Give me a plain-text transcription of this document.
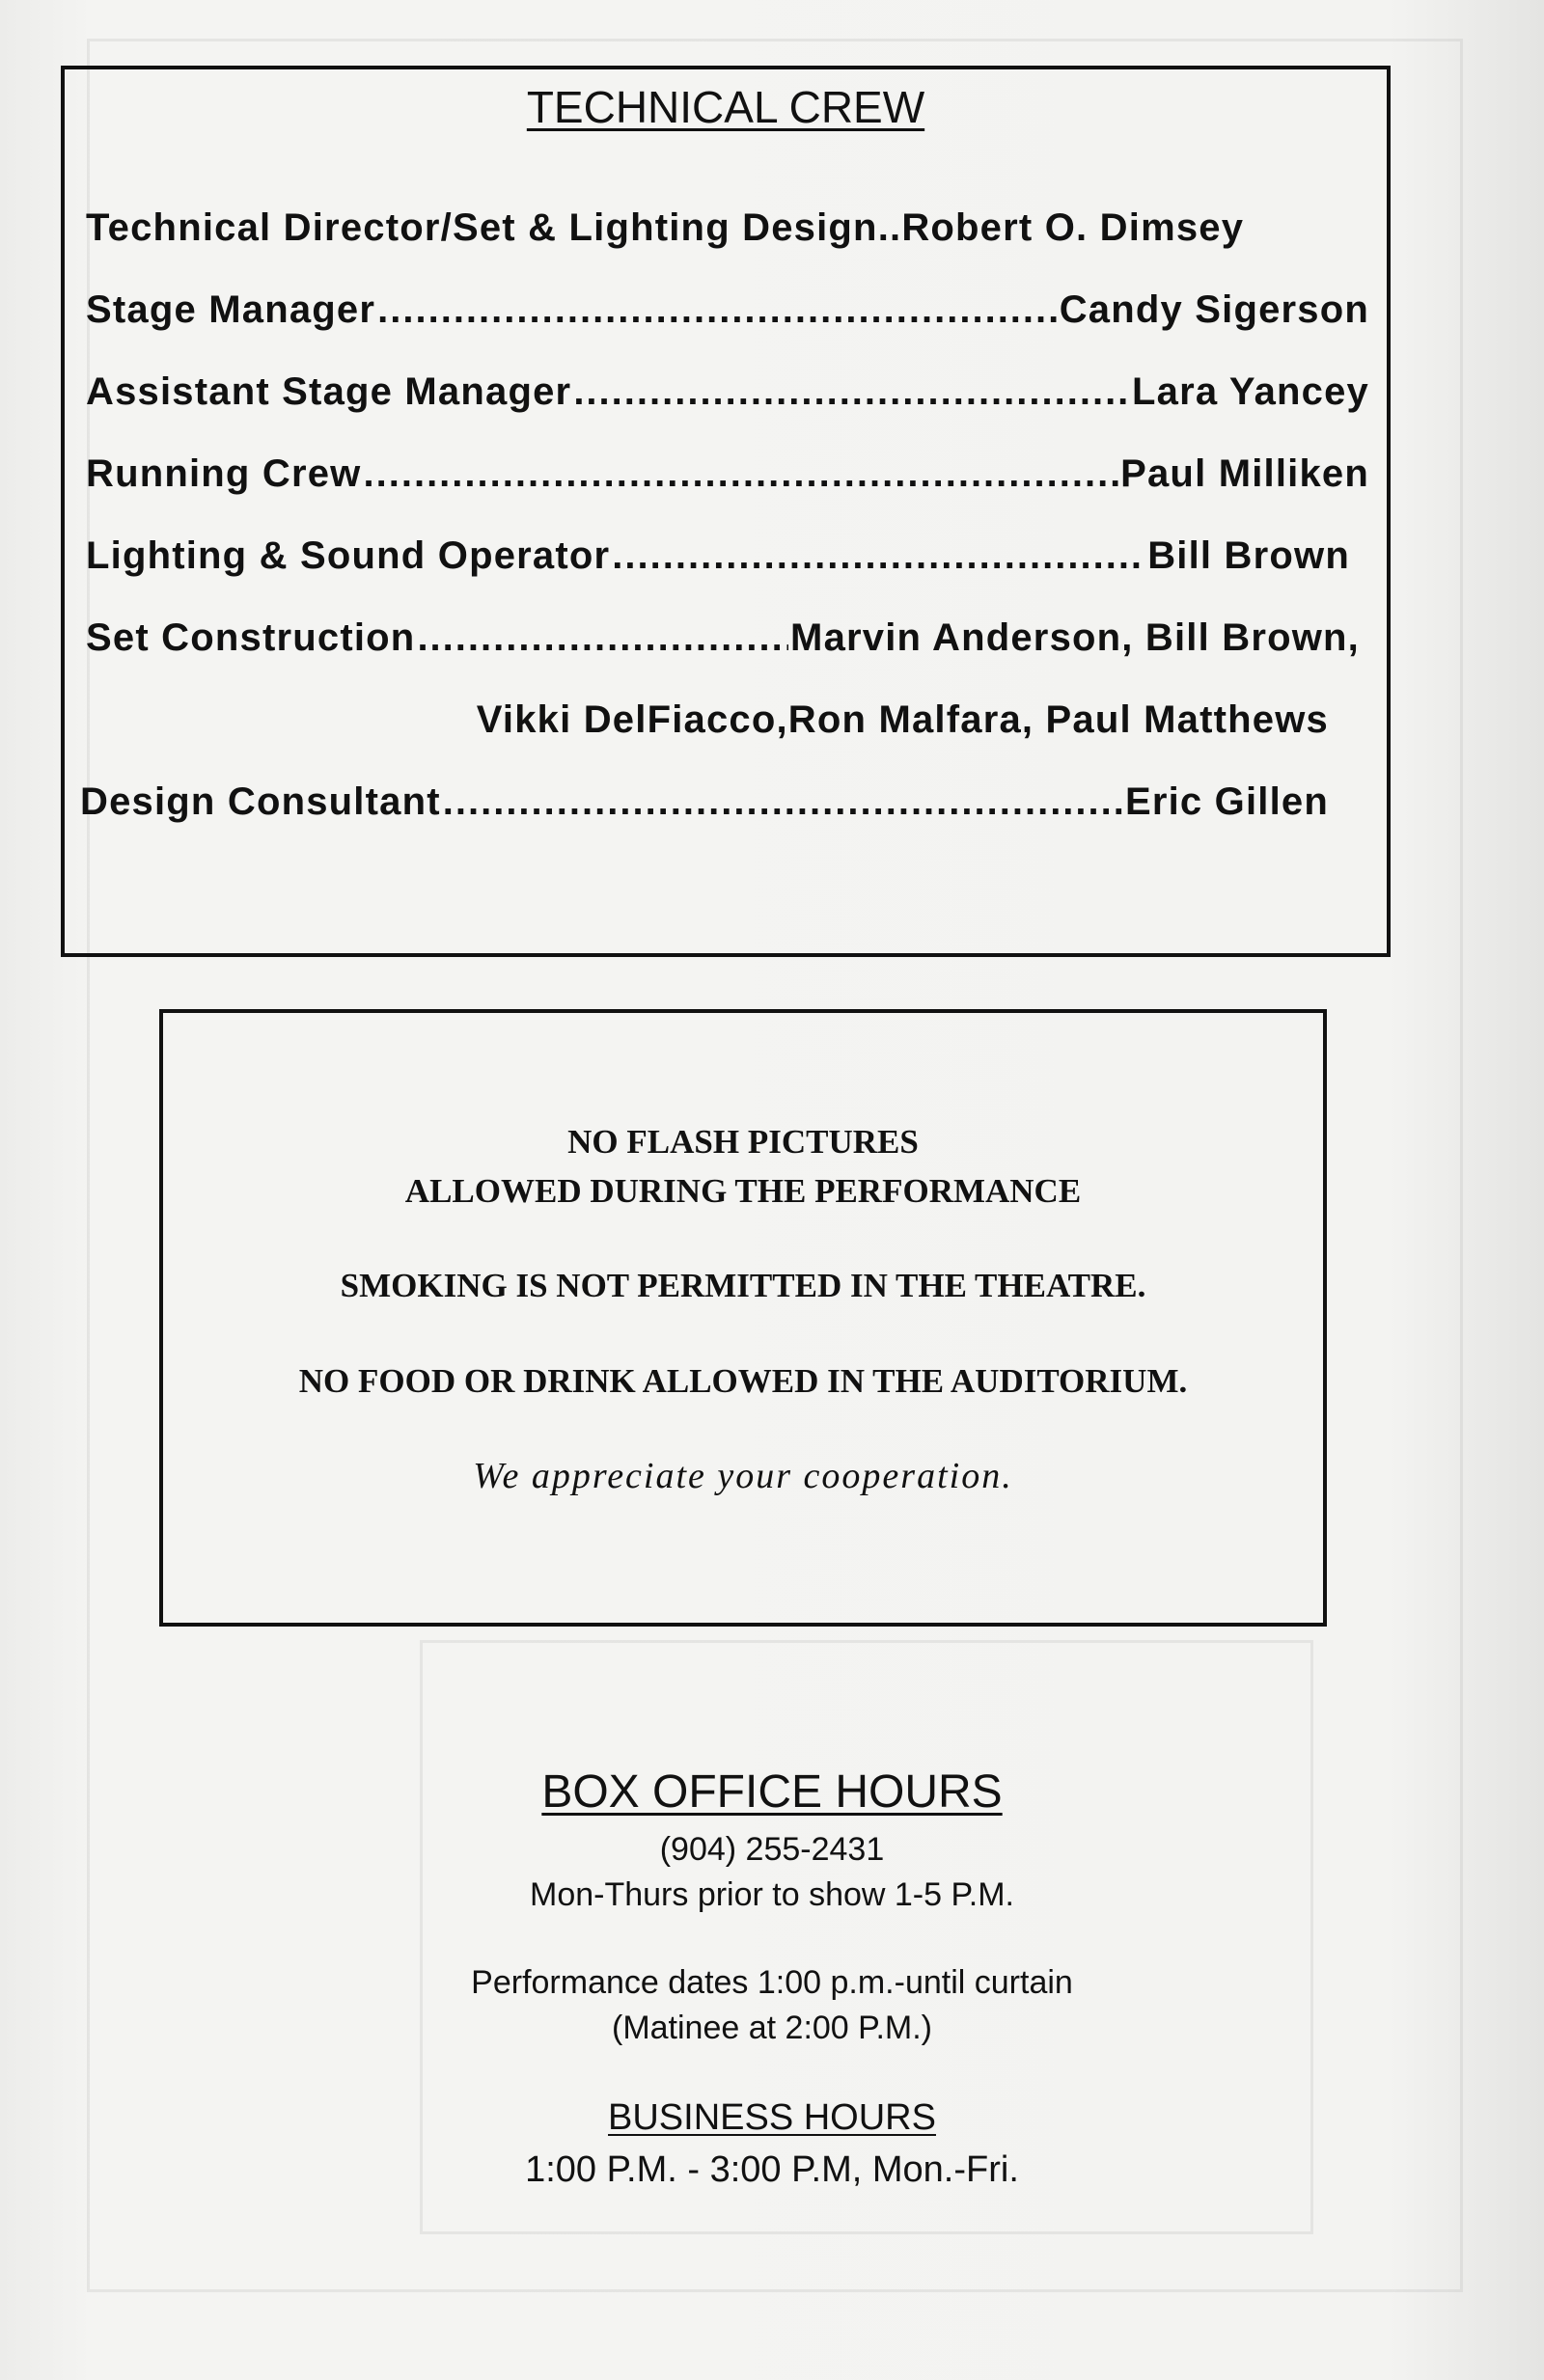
TECHNICAL CREW
Technical Director/Set & Lighting Design.. Robert O. Dimsey
Stage Manager .....	Candy Sigerson
Assistant Stage Manager .....	Lara Yancey
Running Crew .....	Paul Milliken
Lighting & Sound Operator .....	Bill Brown
Set Construction .....	Marvin Anderson, Bill Brown,
Vikki DelFiacco,Ron Malfara, Paul Matthews
Design Consultant .....	Eric Gillen
NO FLASH PICTURES
ALLOWED DURING THE PERFORMANCE
SMOKING IS NOT PERMITTED IN THE THEATRE.
NO FOOD OR DRINK ALLOWED IN THE AUDITORIUM.
We appreciate your cooperation.
BOX OFFICE HOURS
(904) 255-2431
Mon-Thurs prior to show 1-5 P.M.
Performance dates 1:00 p.m.-until curtain
(Matinee at 2:00 P.M.)
BUSINESS HOURS
1:00 P.M. - 3:00 P.M, Mon.-Fri.
